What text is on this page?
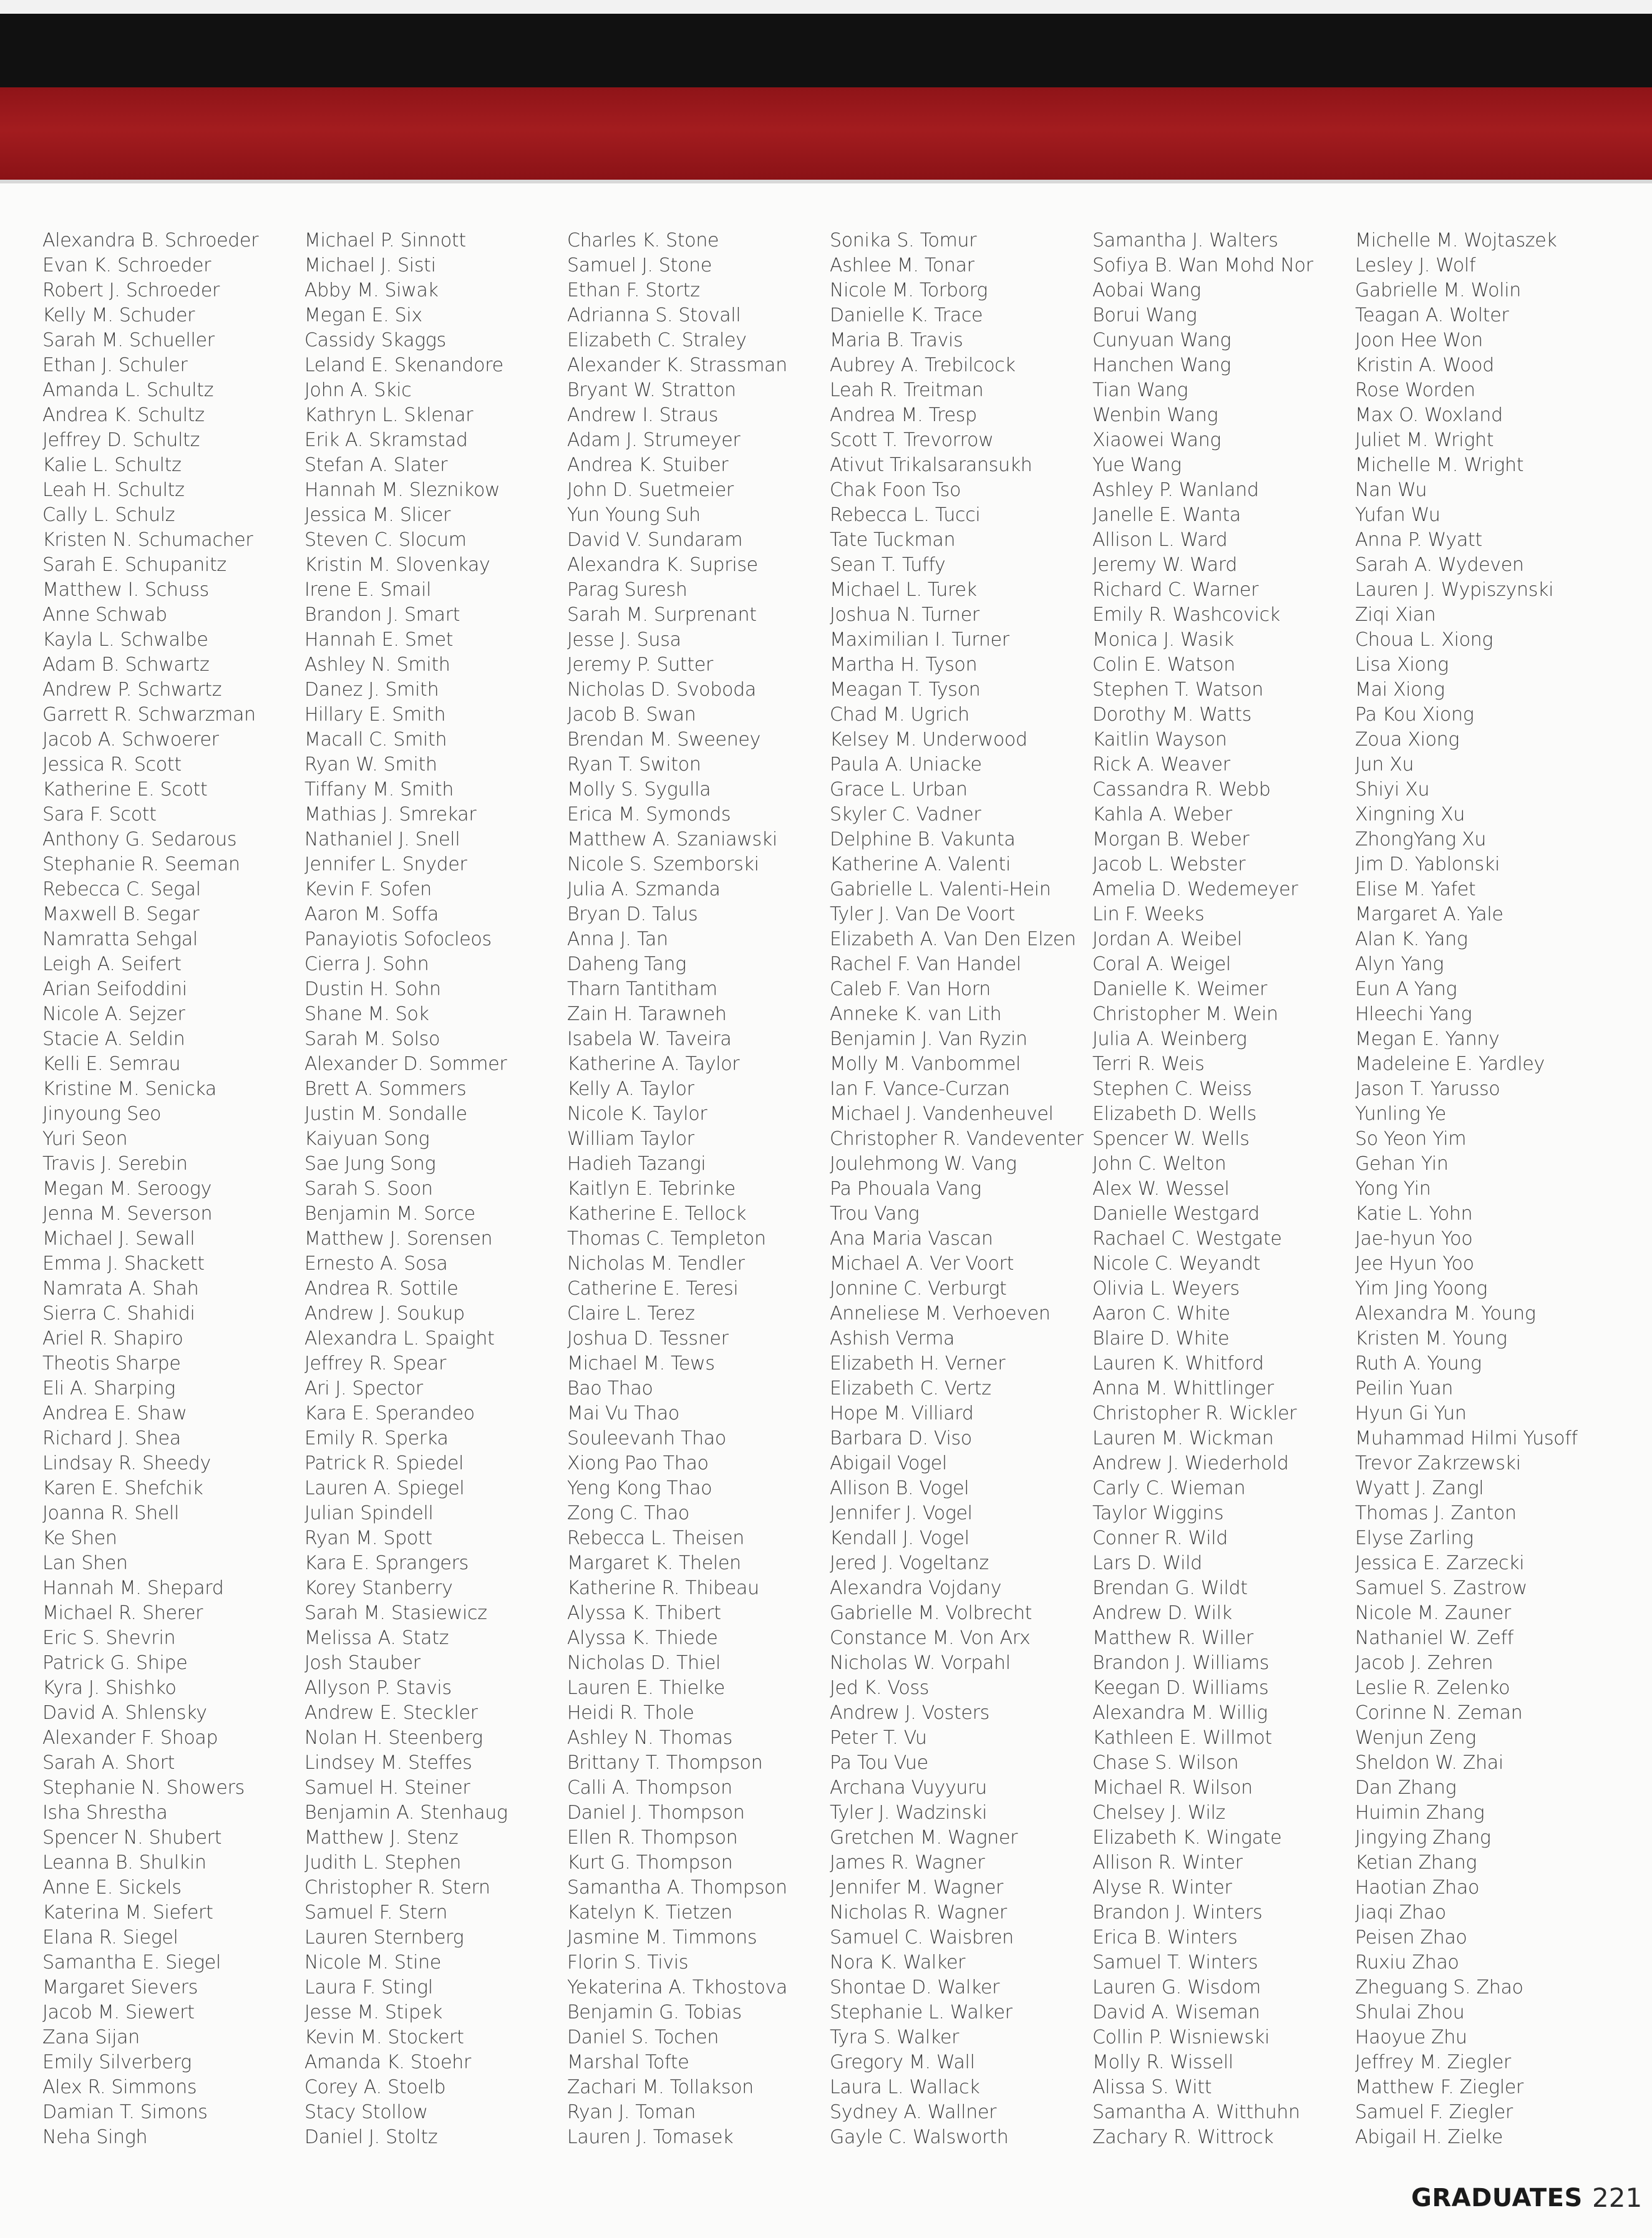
Alexandra B. Schroeder
Evan K. Schroeder
Robert J. Schroeder
Kelly M. Schuder
Sarah M. Schueller
Ethan J. Schuler
Amanda L. Schultz
Andrea K. Schultz
Jeffrey D. Schultz
Kalie L. Schultz
Leah H. Schultz
Cally L. Schulz
Kristen N. Schumacher
Sarah E. Schupanitz
Matthew I. Schuss
Anne Schwab
Kayla L. Schwalbe
Adam B. Schwartz
Andrew P. Schwartz
Garrett R. Schwarzman
Jacob A. Schwoerer
Jessica R. Scott
Katherine E. Scott
Sara F. Scott
Anthony G. Sedarous
Stephanie R. Seeman
Rebecca C. Segal
Maxwell B. Segar
Namratta Sehgal
Leigh A. Seifert
Arian Seifoddini
Nicole A. Sejzer
Stacie A. Seldin
Kelli E. Semrau
Kristine M. Senicka
Jinyoung Seo
Yuri Seon
Travis J. Serebin
Megan M. Seroogy
Jenna M. Severson
Michael J. Sewall
Emma J. Shackett
Namrata A. Shah
Sierra C. Shahidi
Ariel R. Shapiro
Theotis Sharpe
Eli A. Sharping
Andrea E. Shaw
Richard J. Shea
Lindsay R. Sheedy
Karen E. Shefchik
Joanna R. Shell
Ke Shen
Lan Shen
Hannah M. Shepard
Michael R. Sherer
Eric S. Shevrin
Patrick G. Shipe
Kyra J. Shishko
David A. Shlensky
Alexander F. Shoap
Sarah A. Short
Stephanie N. Showers
Isha Shrestha
Spencer N. Shubert
Leanna B. Shulkin
Anne E. Sickels
Katerina M. Siefert
Elana R. Siegel
Samantha E. Siegel
Margaret Sievers
Jacob M. Siewert
Zana Sijan
Emily Silverberg
Alex R. Simmons
Damian T. Simons
Neha Singh
Michael P. Sinnott
Michael J. Sisti
Abby M. Siwak
Megan E. Six
Cassidy Skaggs
Leland E. Skenandore
John A. Skic
Kathryn L. Sklenar
Erik A. Skramstad
Stefan A. Slater
Hannah M. Sleznikow
Jessica M. Slicer
Steven C. Slocum
Kristin M. Slovenkay
Irene E. Smail
Brandon J. Smart
Hannah E. Smet
Ashley N. Smith
Danez J. Smith
Hillary E. Smith
Macall C. Smith
Ryan W. Smith
Tiffany M. Smith
Mathias J. Smrekar
Nathaniel J. Snell
Jennifer L. Snyder
Kevin F. Sofen
Aaron M. Soffa
Panayiotis Sofocleos
Cierra J. Sohn
Dustin H. Sohn
Shane M. Sok
Sarah M. Solso
Alexander D. Sommer
Brett A. Sommers
Justin M. Sondalle
Kaiyuan Song
Sae Jung Song
Sarah S. Soon
Benjamin M. Sorce
Matthew J. Sorensen
Ernesto A. Sosa
Andrea R. Sottile
Andrew J. Soukup
Alexandra L. Spaight
Jeffrey R. Spear
Ari J. Spector
Kara E. Sperandeo
Emily R. Sperka
Patrick R. Spiedel
Lauren A. Spiegel
Julian Spindell
Ryan M. Spott
Kara E. Sprangers
Korey Stanberry
Sarah M. Stasiewicz
Melissa A. Statz
Josh Stauber
Allyson P. Stavis
Andrew E. Steckler
Nolan H. Steenberg
Lindsey M. Steffes
Samuel H. Steiner
Benjamin A. Stenhaug
Matthew J. Stenz
Judith L. Stephen
Christopher R. Stern
Samuel F. Stern
Lauren Sternberg
Nicole M. Stine
Laura F. Stingl
Jesse M. Stipek
Kevin M. Stockert
Amanda K. Stoehr
Corey A. Stoelb
Stacy Stollow
Daniel J. Stoltz
Charles K. Stone
Samuel J. Stone
Ethan F. Stortz
Adrianna S. Stovall
Elizabeth C. Straley
Alexander K. Strassman
Bryant W. Stratton
Andrew I. Straus
Adam J. Strumeyer
Andrea K. Stuiber
John D. Suetmeier
Yun Young Suh
David V. Sundaram
Alexandra K. Suprise
Parag Suresh
Sarah M. Surprenant
Jesse J. Susa
Jeremy P. Sutter
Nicholas D. Svoboda
Jacob B. Swan
Brendan M. Sweeney
Ryan T. Switon
Molly S. Sygulla
Erica M. Symonds
Matthew A. Szaniawski
Nicole S. Szemborski
Julia A. Szmanda
Bryan D. Talus
Anna J. Tan
Daheng Tang
Tharn Tantitham
Zain H. Tarawneh
Isabela W. Taveira
Katherine A. Taylor
Kelly A. Taylor
Nicole K. Taylor
William Taylor
Hadieh Tazangi
Kaitlyn E. Tebrinke
Katherine E. Tellock
Thomas C. Templeton
Nicholas M. Tendler
Catherine E. Teresi
Claire L. Terez
Joshua D. Tessner
Michael M. Tews
Bao Thao
Mai Vu Thao
Souleevanh Thao
Xiong Pao Thao
Yeng Kong Thao
Zong C. Thao
Rebecca L. Theisen
Margaret K. Thelen
Katherine R. Thibeau
Alyssa K. Thibert
Alyssa K. Thiede
Nicholas D. Thiel
Lauren E. Thielke
Heidi R. Thole
Ashley N. Thomas
Brittany T. Thompson
Calli A. Thompson
Daniel J. Thompson
Ellen R. Thompson
Kurt G. Thompson
Samantha A. Thompson
Katelyn K. Tietzen
Jasmine M. Timmons
Florin S. Tivis
Yekaterina A. Tkhostova
Benjamin G. Tobias
Daniel S. Tochen
Marshal Tofte
Zachari M. Tollakson
Ryan J. Toman
Lauren J. Tomasek
Sonika S. Tomur
Ashlee M. Tonar
Nicole M. Torborg
Danielle K. Trace
Maria B. Travis
Aubrey A. Trebilcock
Leah R. Treitman
Andrea M. Tresp
Scott T. Trevorrow
Ativut Trikalsaransukh
Chak Foon Tso
Rebecca L. Tucci
Tate Tuckman
Sean T. Tuffy
Michael L. Turek
Joshua N. Turner
Maximilian I. Turner
Martha H. Tyson
Meagan T. Tyson
Chad M. Ugrich
Kelsey M. Underwood
Paula A. Uniacke
Grace L. Urban
Skyler C. Vadner
Delphine B. Vakunta
Katherine A. Valenti
Gabrielle L. Valenti-Hein
Tyler J. Van De Voort
Elizabeth A. Van Den Elzen
Rachel F. Van Handel
Caleb F. Van Horn
Anneke K. van Lith
Benjamin J. Van Ryzin
Molly M. Vanbommel
Ian F. Vance-Curzan
Michael J. Vandenheuvel
Christopher R. Vandeventer
Joulehmong W. Vang
Pa Phouala Vang
Trou Vang
Ana Maria Vascan
Michael A. Ver Voort
Jonnine C. Verburgt
Anneliese M. Verhoeven
Ashish Verma
Elizabeth H. Verner
Elizabeth C. Vertz
Hope M. Villiard
Barbara D. Viso
Abigail Vogel
Allison B. Vogel
Jennifer J. Vogel
Kendall J. Vogel
Jered J. Vogeltanz
Alexandra Vojdany
Gabrielle M. Volbrecht
Constance M. Von Arx
Nicholas W. Vorpahl
Jed K. Voss
Andrew J. Vosters
Peter T. Vu
Pa Tou Vue
Archana Vuyyuru
Tyler J. Wadzinski
Gretchen M. Wagner
James R. Wagner
Jennifer M. Wagner
Nicholas R. Wagner
Samuel C. Waisbren
Nora K. Walker
Shontae D. Walker
Stephanie L. Walker
Tyra S. Walker
Gregory M. Wall
Laura L. Wallack
Sydney A. Wallner
Gayle C. Walsworth
Samantha J. Walters
Sofiya B. Wan Mohd Nor
Aobai Wang
Borui Wang
Cunyuan Wang
Hanchen Wang
Tian Wang
Wenbin Wang
Xiaowei Wang
Yue Wang
Ashley P. Wanland
Janelle E. Wanta
Allison L. Ward
Jeremy W. Ward
Richard C. Warner
Emily R. Washcovick
Monica J. Wasik
Colin E. Watson
Stephen T. Watson
Dorothy M. Watts
Kaitlin Wayson
Rick A. Weaver
Cassandra R. Webb
Kahla A. Weber
Morgan B. Weber
Jacob L. Webster
Amelia D. Wedemeyer
Lin F. Weeks
Jordan A. Weibel
Coral A. Weigel
Danielle K. Weimer
Christopher M. Wein
Julia A. Weinberg
Terri R. Weis
Stephen C. Weiss
Elizabeth D. Wells
Spencer W. Wells
John C. Welton
Alex W. Wessel
Danielle Westgard
Rachael C. Westgate
Nicole C. Weyandt
Olivia L. Weyers
Aaron C. White
Blaire D. White
Lauren K. Whitford
Anna M. Whittlinger
Christopher R. Wickler
Lauren M. Wickman
Andrew J. Wiederhold
Carly C. Wieman
Taylor Wiggins
Conner R. Wild
Lars D. Wild
Brendan G. Wildt
Andrew D. Wilk
Matthew R. Willer
Brandon J. Williams
Keegan D. Williams
Alexandra M. Willig
Kathleen E. Willmot
Chase S. Wilson
Michael R. Wilson
Chelsey J. Wilz
Elizabeth K. Wingate
Allison R. Winter
Alyse R. Winter
Brandon J. Winters
Erica B. Winters
Samuel T. Winters
Lauren G. Wisdom
David A. Wiseman
Collin P. Wisniewski
Molly R. Wissell
Alissa S. Witt
Samantha A. Witthuhn
Zachary R. Wittrock
Michelle M. Wojtaszek
Lesley J. Wolf
Gabrielle M. Wolin
Teagan A. Wolter
Joon Hee Won
Kristin A. Wood
Rose Worden
Max O. Woxland
Juliet M. Wright
Michelle M. Wright
Nan Wu
Yufan Wu
Anna P. Wyatt
Sarah A. Wydeven
Lauren J. Wypiszynski
Ziqi Xian
Choua L. Xiong
Lisa Xiong
Mai Xiong
Pa Kou Xiong
Zoua Xiong
Jun Xu
Shiyi Xu
Xingning Xu
ZhongYang Xu
Jim D. Yablonski
Elise M. Yafet
Margaret A. Yale
Alan K. Yang
Alyn Yang
Eun A Yang
Hleechi Yang
Megan E. Yanny
Madeleine E. Yardley
Jason T. Yarusso
Yunling Ye
So Yeon Yim
Gehan Yin
Yong Yin
Katie L. Yohn
Jae-hyun Yoo
Jee Hyun Yoo
Yim Jing Yoong
Alexandra M. Young
Kristen M. Young
Ruth A. Young
Peilin Yuan
Hyun Gi Yun
Muhammad Hilmi Yusoff
Trevor Zakrzewski
Wyatt J. Zangl
Thomas J. Zanton
Elyse Zarling
Jessica E. Zarzecki
Samuel S. Zastrow
Nicole M. Zauner
Nathaniel W. Zeff
Jacob J. Zehren
Leslie R. Zelenko
Corinne N. Zeman
Wenjun Zeng
Sheldon W. Zhai
Dan Zhang
Huimin Zhang
Jingying Zhang
Ketian Zhang
Haotian Zhao
Jiaqi Zhao
Peisen Zhao
Ruxiu Zhao
Zheguang S. Zhao
Shulai Zhou
Haoyue Zhu
Jeffrey M. Ziegler
Matthew F. Ziegler
Samuel F. Ziegler
Abigail H. Zielke
GRADUATES 221
